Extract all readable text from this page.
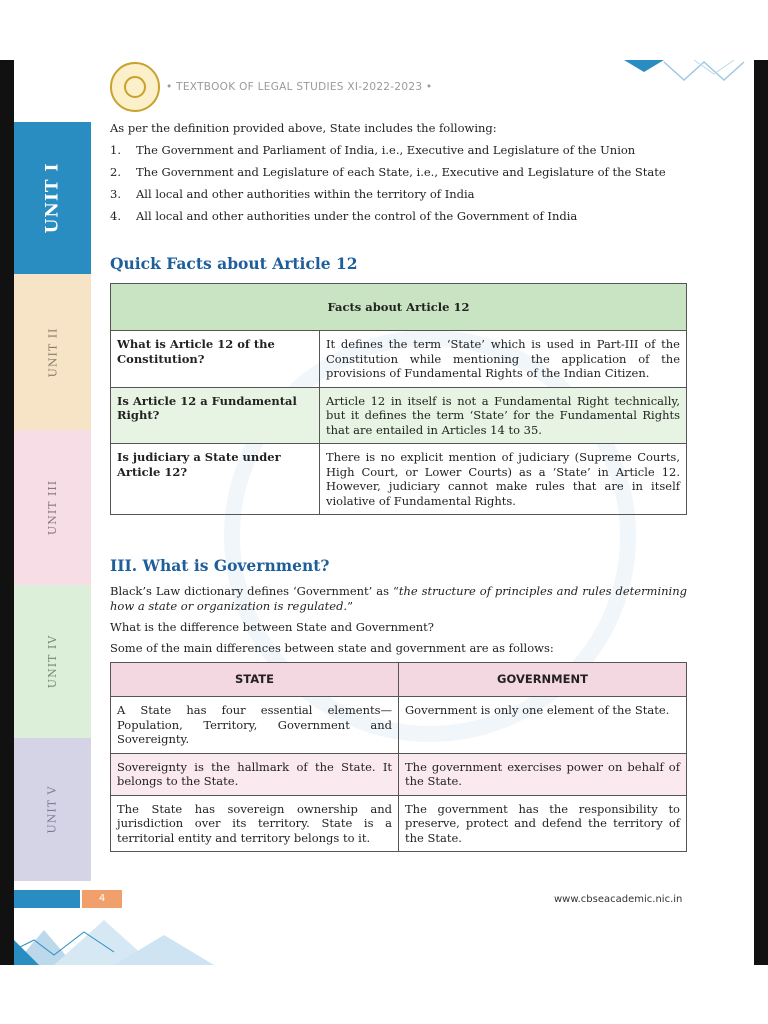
UNIT I
UNIT II
UNIT III
UNIT IV
UNIT V
• TEXTBOOK OF LEGAL STUDIES XI-2022-2023 •

As per the definition provided above, State includes the following:

1.	The Government and Parliament of India, i.e., Executive and Legislature of the Union
2.	The Government and Legislature of each State, i.e., Executive and Legislature of the State
3.	All local and other authorities within the territory of India
4.	All local and other authorities under the control of the Government of India
Quick Facts about Article 12
Facts about Article 12	
What is Article 12 of the Constitution?	It defines the term ‘State’ which is used in Part-III of the Constitution while mentioning the application of the provisions of Fundamental Rights of the Indian Citizen.
Is Article 12 a Fundamental Right?	Article 12 in itself is not a Fundamental Right technically, but it defines the term ‘State’ for the Fundamental Rights that are entailed in Articles 14 to 35.
Is judiciary a State under Article 12?	There is no explicit mention of judiciary (Supreme Courts, High Court, or Lower Courts) as a ‘State’ in Article 12. However, judiciary cannot make rules that are in itself violative of Fundamental Rights.
III. What is Government?

Black’s Law dictionary defines ‘Government’ as “the structure of principles and rules determining how a state or organization is regulated.”

What is the difference between State and Government?

Some of the main differences between state and government are as follows:

STATE	GOVERNMENT
A State has four essential elements—Population, Territory, Government and Sovereignty.	Government is only one element of the State.
Sovereignty is the hallmark of the State. It belongs to the State.	The government exercises power on behalf of the State.
The State has sovereign ownership and jurisdiction over its territory. State is a territorial entity and territory belongs to it.	The government has the responsibility to preserve, protect and defend the territory of the State.
4	www.cbseacademic.nic.in
